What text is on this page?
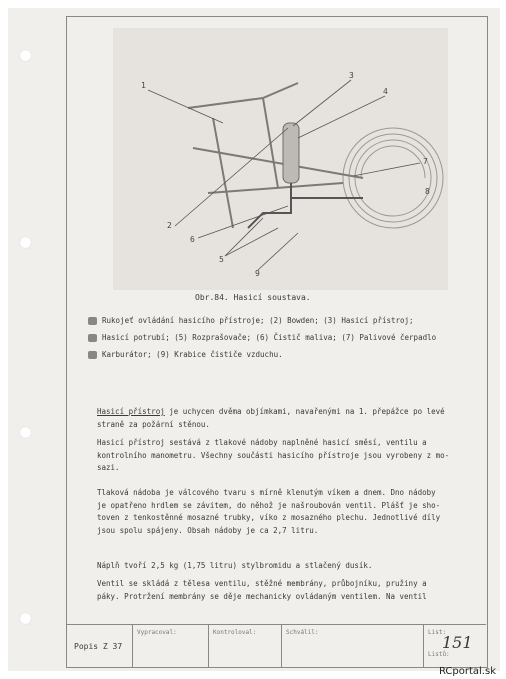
1
2
3
4
5
6
7
8
9
Obr.84. Hasicí soustava.
Rukojeť ovládání hasicího přístroje; (2) Bowden; (3) Hasicí přístroj;
Hasicí potrubí; (5) Rozprašovače; (6) Čistič maliva; (7) Palivové čerpadlo
Karburátor; (9) Krabice čističe vzduchu.
Hasicí přístroj je uchycen dvěma objímkami, navařenými na 1. přepážce po levé
straně za požární stěnou.
Hasicí přístroj sestává z tlakové nádoby naplněné hasicí směsí, ventilu a
kontrolního manometru. Všechny součásti hasicího přístroje jsou vyrobeny z mo-
sazi.
Tlaková nádoba je válcového tvaru s mírně klenutým víkem a dnem. Dno nádoby
je opatřeno hrdlem se závitem, do něhož je našroubován ventil. Plášť je sho-
toven z tenkostěnné mosazné trubky, víko z mosazného plechu. Jednotlivé díly
jsou spolu spájeny. Obsah nádoby je ca 2,7 litru.
Náplň tvoří 2,5 kg (1,75 litru) stylbromidu a stlačený dusík.
Ventil se skládá z tělesa ventilu, stěžné membrány, průbojníku, pružiny a
páky. Protržení membrány se děje mechanicky ovládaným ventilem. Na ventil
Popis Z 37
Vypracoval:	Kontroloval:	Schválil:	List:
Listů:
151
RCportal.sk
